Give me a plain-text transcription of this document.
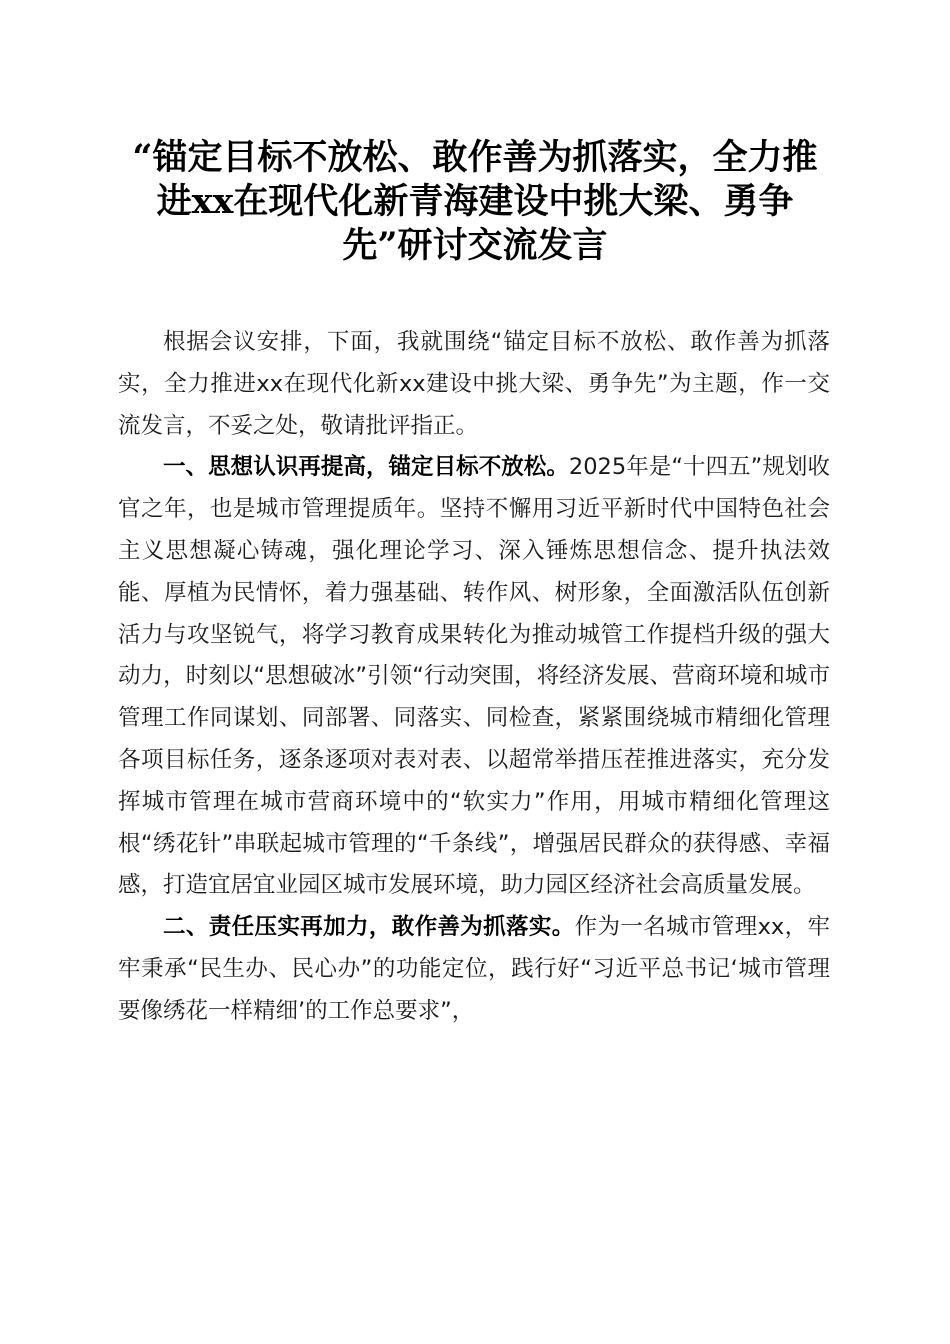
“锚定目标不放松、敢作善为抓落实，全力推进xx在现代化新青海建设中挑大梁、勇争先”研讨交流发言

根据会议安排，下面，我就围绕“锚定目标不放松、敢作善为抓落实，全力推进xx在现代化新xx建设中挑大梁、勇争先”为主题，作一交流发言，不妥之处，敬请批评指正。

一、思想认识再提高，锚定目标不放松。2025年是“十四五”规划收官之年，也是城市管理提质年。坚持不懈用习近平新时代中国特色社会主义思想凝心铸魂，强化理论学习、深入锤炼思想信念、提升执法效能、厚植为民情怀，着力强基础、转作风、树形象，全面激活队伍创新活力与攻坚锐气，将学习教育成果转化为推动城管工作提档升级的强大动力，时刻以“思想破冰”引领“行动突围，将经济发展、营商环境和城市管理工作同谋划、同部署、同落实、同检查，紧紧围绕城市精细化管理各项目标任务，逐条逐项对表对表、以超常举措压茬推进落实，充分发挥城市管理在城市营商环境中的“软实力”作用，用城市精细化管理这根“绣花针”串联起城市管理的“千条线”，增强居民群众的获得感、幸福感，打造宜居宜业园区城市发展环境，助力园区经济社会高质量发展。

二、责任压实再加力，敢作善为抓落实。作为一名城市管理xx，牢牢秉承“民生办、民心办”的功能定位，践行好“习近平总书记‘城市管理要像绣花一样精细’的工作总要求”，
